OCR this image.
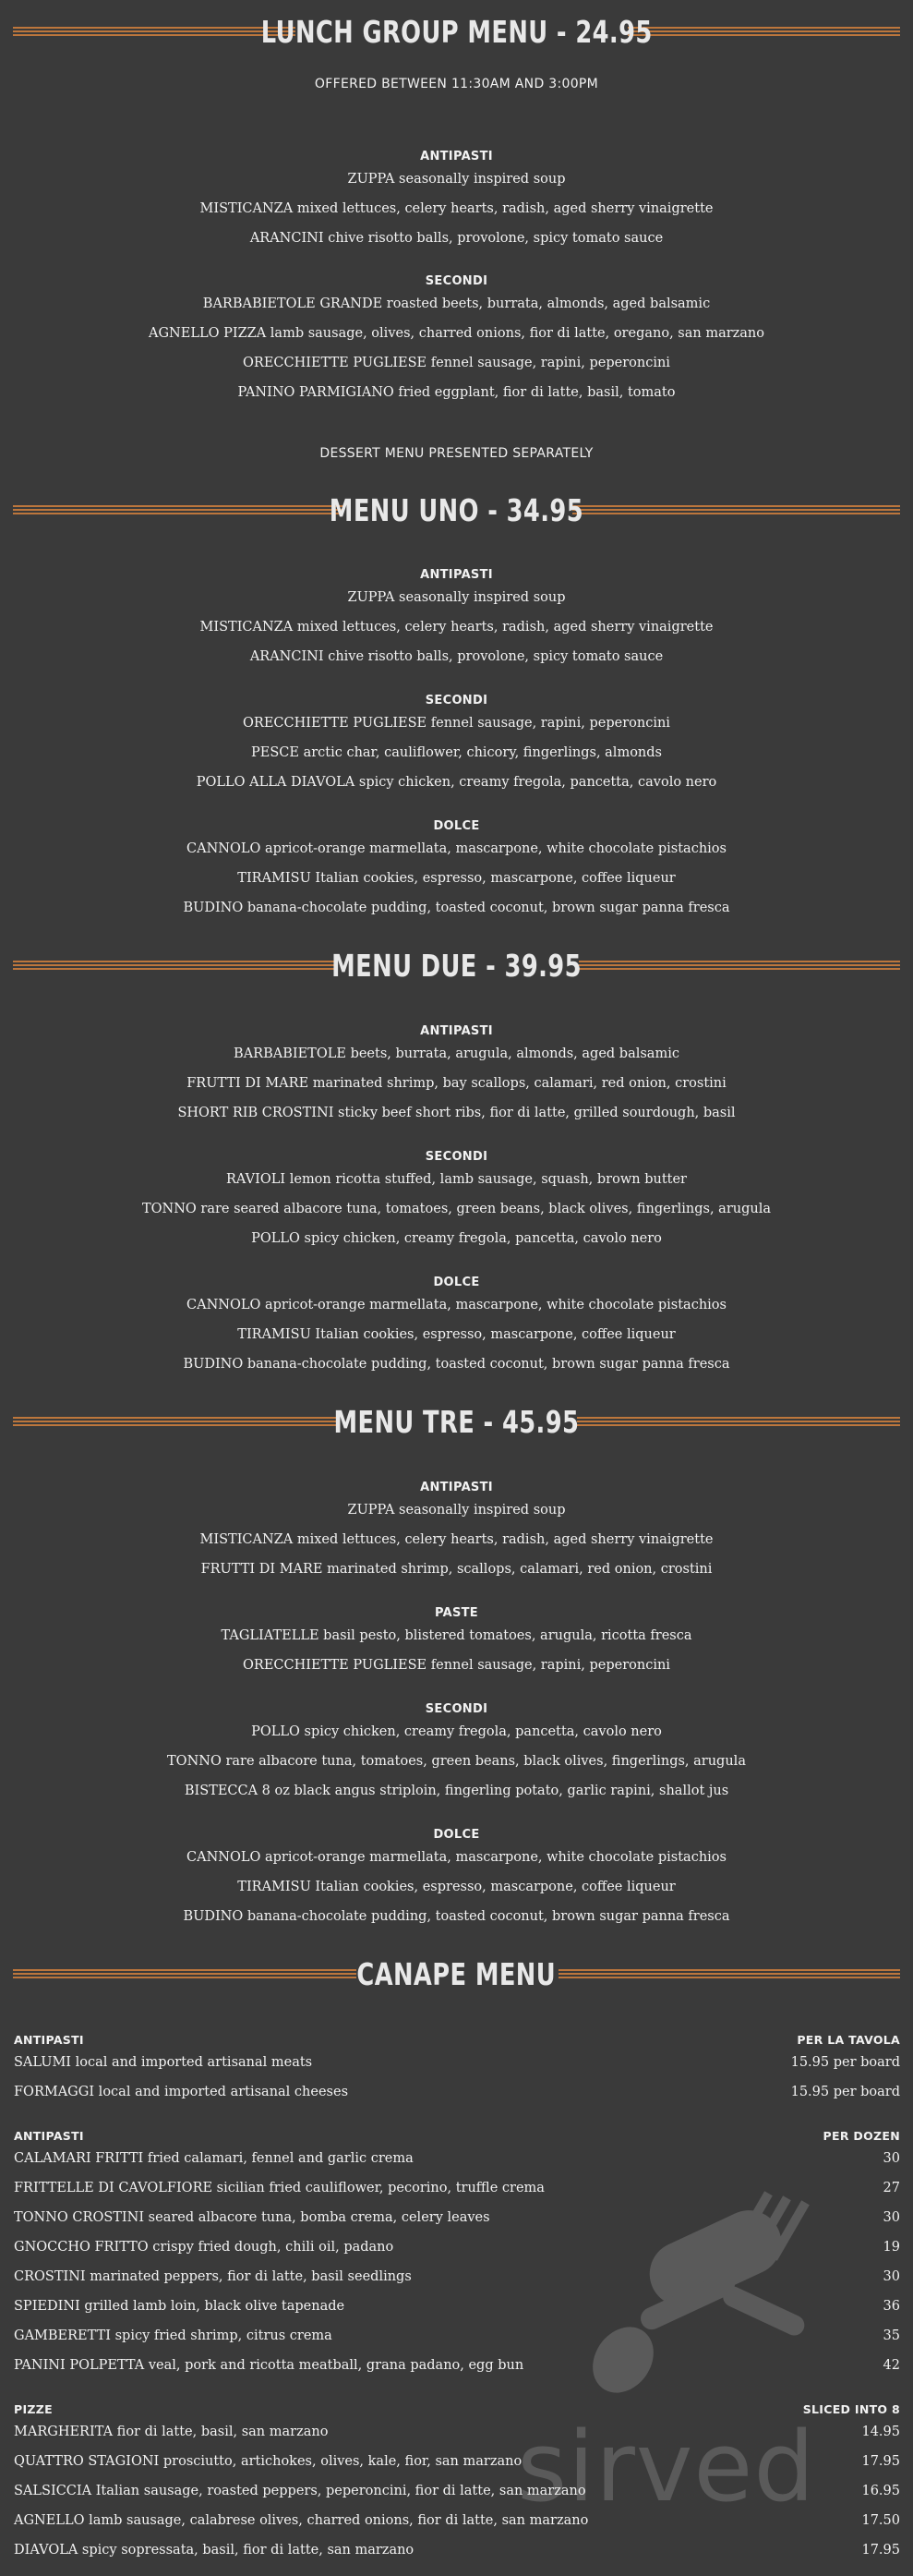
LUNCH GROUP MENU - 24.95
OFFERED BETWEEN 11:30AM AND 3:00PM
ANTIPASTI
ZUPPA seasonally inspired soup
MISTICANZA mixed lettuces, celery hearts, radish, aged sherry vinaigrette
ARANCINI chive risotto balls, provolone, spicy tomato sauce
SECONDI
BARBABIETOLE GRANDE roasted beets, burrata, almonds, aged balsamic
AGNELLO PIZZA lamb sausage, olives, charred onions, fior di latte, oregano, san marzano
ORECCHIETTE PUGLIESE fennel sausage, rapini, peperoncini
PANINO PARMIGIANO fried eggplant, fior di latte, basil, tomato
DESSERT MENU PRESENTED SEPARATELY
MENU UNO - 34.95
ANTIPASTI
ZUPPA seasonally inspired soup
MISTICANZA mixed lettuces, celery hearts, radish, aged sherry vinaigrette
ARANCINI chive risotto balls, provolone, spicy tomato sauce
SECONDI
ORECCHIETTE PUGLIESE fennel sausage, rapini, peperoncini
PESCE arctic char, cauliflower, chicory, fingerlings, almonds
POLLO ALLA DIAVOLA spicy chicken, creamy fregola, pancetta, cavolo nero
DOLCE
CANNOLO apricot-orange marmellata, mascarpone, white chocolate pistachios
TIRAMISU Italian cookies, espresso, mascarpone, coffee liqueur
BUDINO banana-chocolate pudding, toasted coconut, brown sugar panna fresca
MENU DUE - 39.95
ANTIPASTI
BARBABIETOLE beets, burrata, arugula, almonds, aged balsamic
FRUTTI DI MARE marinated shrimp, bay scallops, calamari, red onion, crostini
SHORT RIB CROSTINI sticky beef short ribs, fior di latte, grilled sourdough, basil
SECONDI
RAVIOLI lemon ricotta stuffed, lamb sausage, squash, brown butter
TONNO rare seared albacore tuna, tomatoes, green beans, black olives, fingerlings, arugula
POLLO spicy chicken, creamy fregola, pancetta, cavolo nero
DOLCE
CANNOLO apricot-orange marmellata, mascarpone, white chocolate pistachios
TIRAMISU Italian cookies, espresso, mascarpone, coffee liqueur
BUDINO banana-chocolate pudding, toasted coconut, brown sugar panna fresca
MENU TRE - 45.95
ANTIPASTI
ZUPPA seasonally inspired soup
MISTICANZA mixed lettuces, celery hearts, radish, aged sherry vinaigrette
FRUTTI DI MARE marinated shrimp, scallops, calamari, red onion, crostini
PASTE
TAGLIATELLE basil pesto, blistered tomatoes, arugula, ricotta fresca
ORECCHIETTE PUGLIESE fennel sausage, rapini, peperoncini
SECONDI
POLLO spicy chicken, creamy fregola, pancetta, cavolo nero
TONNO rare albacore tuna, tomatoes, green beans, black olives, fingerlings, arugula
BISTECCA 8 oz black angus striploin, fingerling potato, garlic rapini, shallot jus
DOLCE
CANNOLO apricot-orange marmellata, mascarpone, white chocolate pistachios
TIRAMISU Italian cookies, espresso, mascarpone, coffee liqueur
BUDINO banana-chocolate pudding, toasted coconut, brown sugar panna fresca
CANAPE MENU
sirved
ANTIPASTI	PER LA TAVOLA
SALUMI local and imported artisanal meats	15.95 per board
FORMAGGI local and imported artisanal cheeses	15.95 per board
ANTIPASTI	PER DOZEN
CALAMARI FRITTI fried calamari, fennel and garlic crema	30
FRITTELLE DI CAVOLFIORE sicilian fried cauliflower, pecorino, truffle crema	27
TONNO CROSTINI seared albacore tuna, bomba crema, celery leaves	30
GNOCCHO FRITTO crispy fried dough, chili oil, padano	19
CROSTINI marinated peppers, fior di latte, basil seedlings	30
SPIEDINI grilled lamb loin, black olive tapenade	36
GAMBERETTI spicy fried shrimp, citrus crema	35
PANINI POLPETTA veal, pork and ricotta meatball, grana padano, egg bun	42
PIZZE	SLICED INTO 8
MARGHERITA fior di latte, basil, san marzano	14.95
QUATTRO STAGIONI prosciutto, artichokes, olives, kale, fior, san marzano	17.95
SALSICCIA Italian sausage, roasted peppers, peperoncini, fior di latte, san marzano	16.95
AGNELLO lamb sausage, calabrese olives, charred onions, fior di latte, san marzano	17.50
DIAVOLA spicy sopressata, basil, fior di latte, san marzano	17.95
